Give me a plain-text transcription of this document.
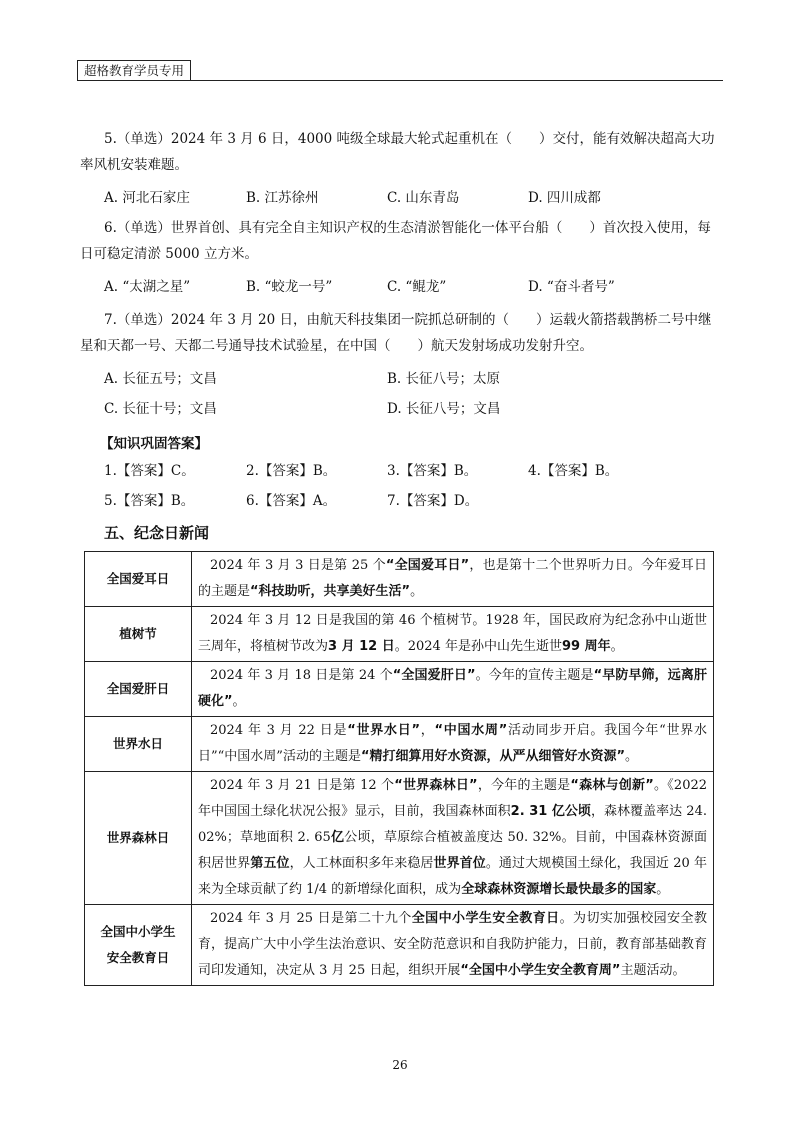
超格教育学员专用

5.（单选）2024 年 3 月 6 日，4000 吨级全球最大轮式起重机在（　　）交付，能有效解决超高大功率风机安装难题。

A. 河北石家庄	B. 江苏徐州	C. 山东青岛	D. 四川成都

6.（单选）世界首创、具有完全自主知识产权的生态清淤智能化一体平台船（　　）首次投入使用，每日可稳定清淤 5000 立方米。

A. “太湖之星”	B. “蛟龙一号”	C. “鲲龙”	D. “奋斗者号”

7.（单选）2024 年 3 月 20 日，由航天科技集团一院抓总研制的（　　）运载火箭搭载鹊桥二号中继星和天都一号、天都二号通导技术试验星，在中国（　　）航天发射场成功发射升空。

A. 长征五号；文昌	B. 长征八号；太原
C. 长征十号；文昌	D. 长征八号；文昌
【知识巩固答案】
1.【答案】C。	2.【答案】B。	3.【答案】B。	4.【答案】B。
5.【答案】B。	6.【答案】A。	7.【答案】D。
五、纪念日新闻
全国爱耳日	2024 年 3 月 3 日是第 25 个“全国爱耳日”，也是第十二个世界听力日。今年爱耳日的主题是“科技助听，共享美好生活”。
植树节	2024 年 3 月 12 日是我国的第 46 个植树节。1928 年，国民政府为纪念孙中山逝世三周年，将植树节改为3 月 12 日。2024 年是孙中山先生逝世99 周年。
全国爱肝日	2024 年 3 月 18 日是第 24 个“全国爱肝日”。今年的宣传主题是“早防早筛，远离肝硬化”。
世界水日	2024 年 3 月 22 日是“世界水日”，“中国水周”活动同步开启。我国今年“世界水日”“中国水周”活动的主题是“精打细算用好水资源，从严从细管好水资源”。
世界森林日	2024 年 3 月 21 日是第 12 个“世界森林日”，今年的主题是“森林与创新”。《2022 年中国国土绿化状况公报》显示，目前，我国森林面积2. 31 亿公顷，森林覆盖率达 24. 02%；草地面积 2. 65亿公顷，草原综合植被盖度达 50. 32%。目前，中国森林资源面积居世界第五位，人工林面积多年来稳居世界首位。通过大规模国土绿化，我国近 20 年来为全球贡献了约 1/4 的新增绿化面积，成为全球森林资源增长最快最多的国家。
全国中小学生
安全教育日	2024 年 3 月 25 日是第二十九个全国中小学生安全教育日。为切实加强校园安全教育，提高广大中小学生法治意识、安全防范意识和自我防护能力，日前，教育部基础教育司印发通知，决定从 3 月 25 日起，组织开展“全国中小学生安全教育周”主题活动。
26
